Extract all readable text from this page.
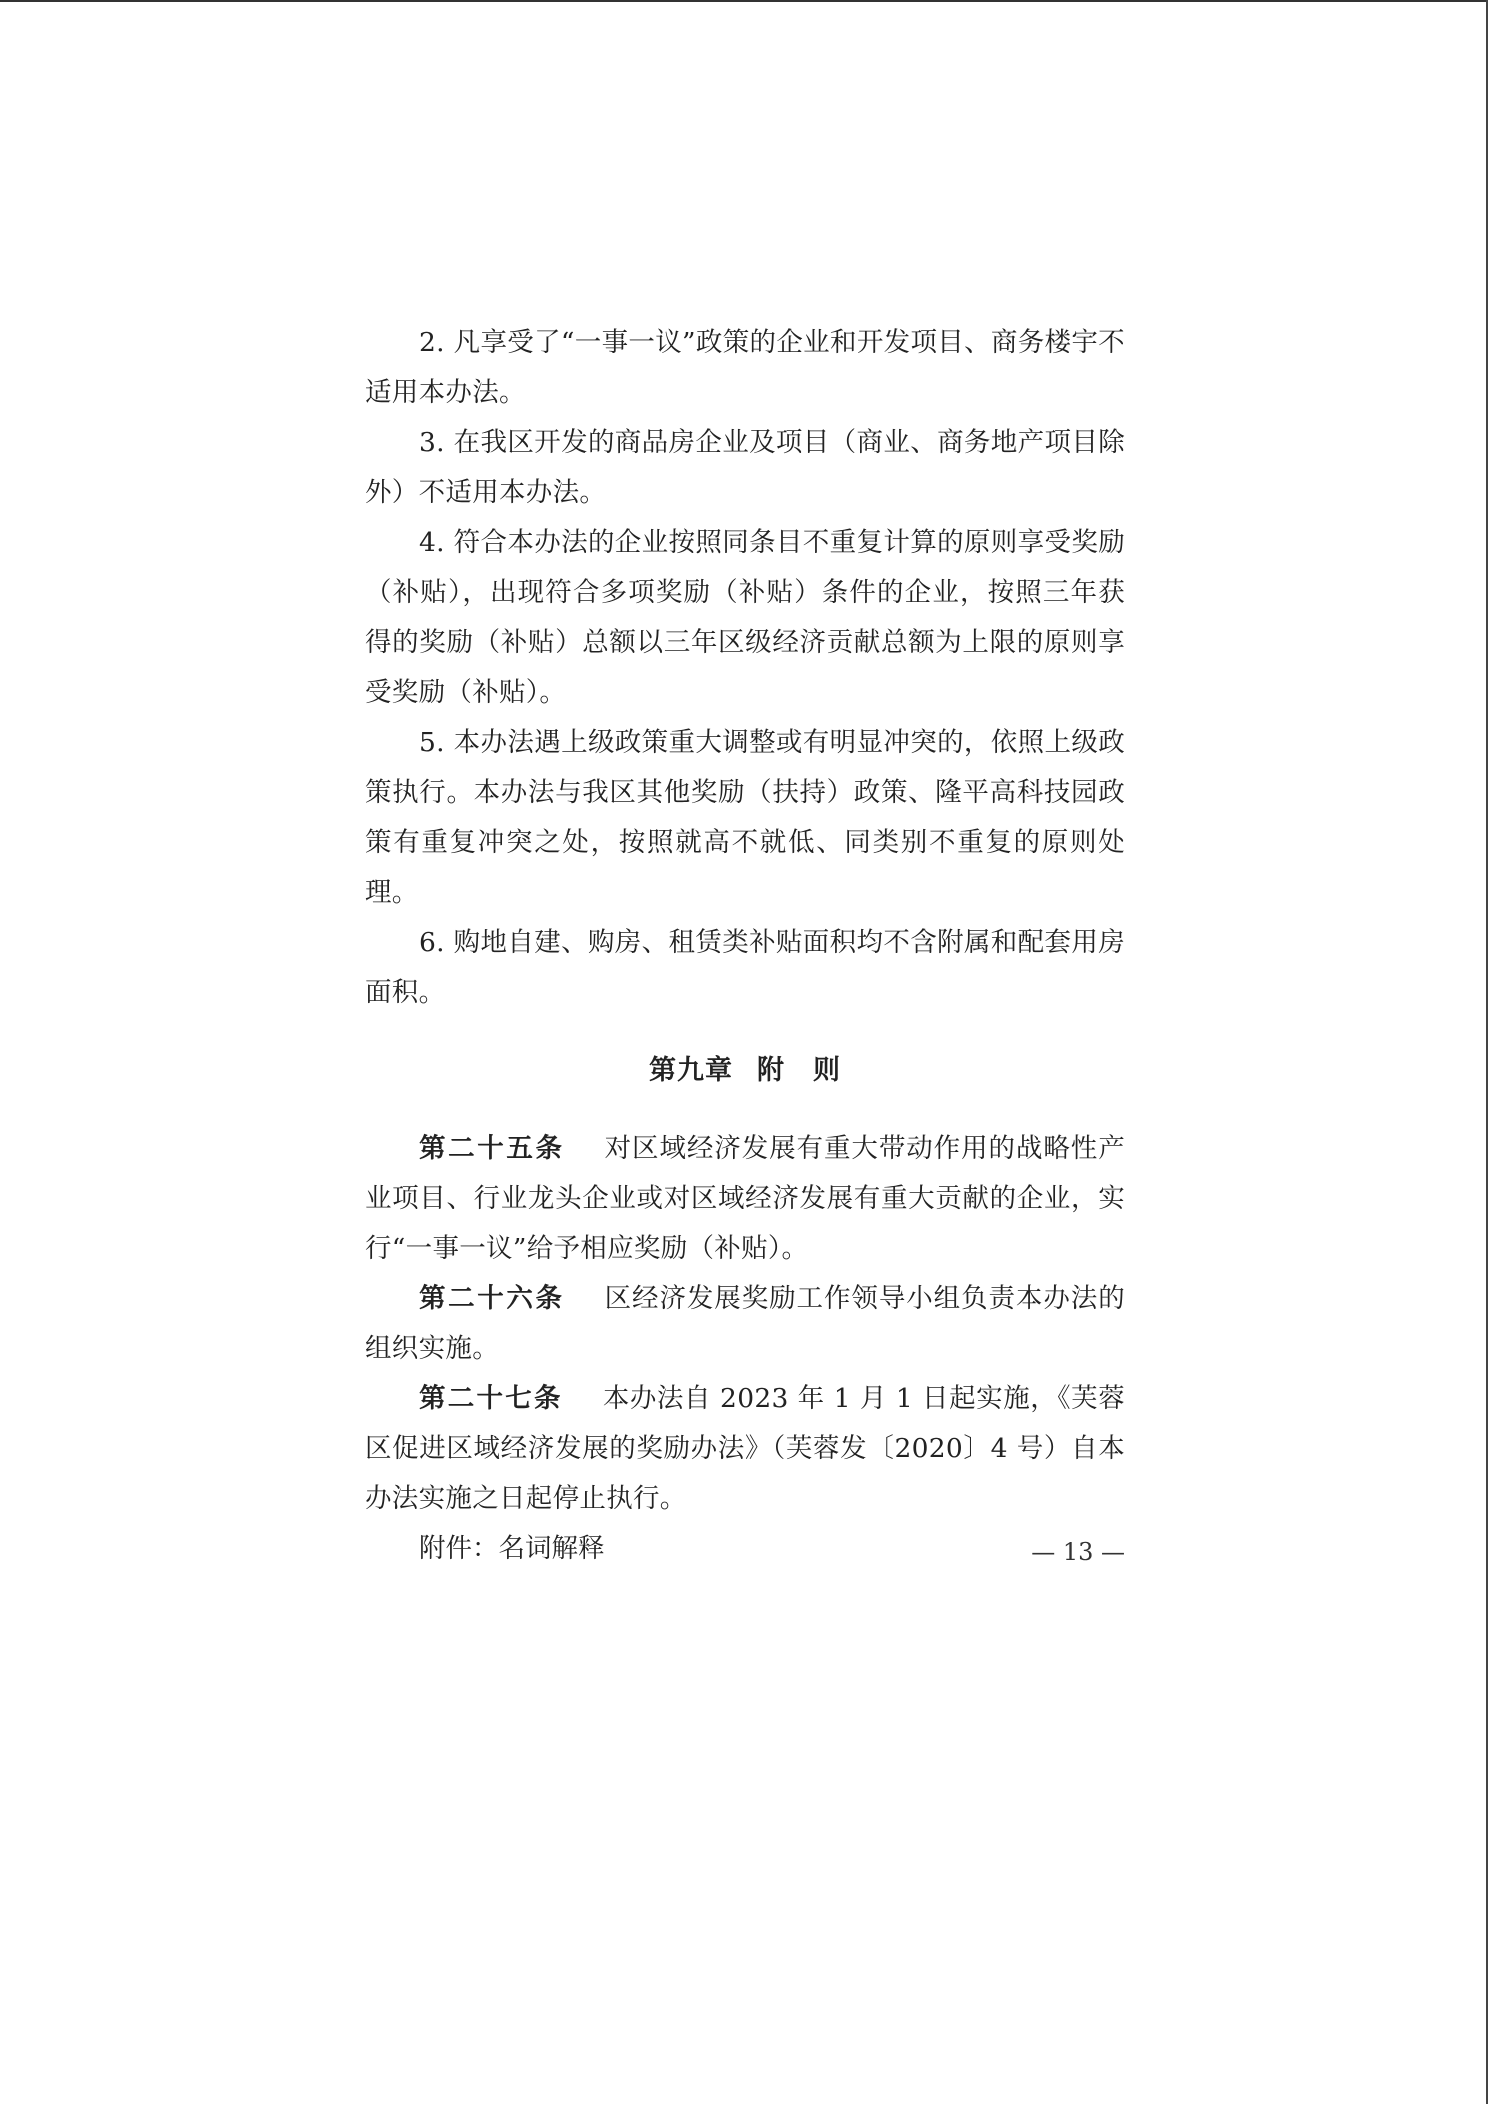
2. 凡享受了“一事一议”政策的企业和开发项目、商务楼宇不适用本办法。

3. 在我区开发的商品房企业及项目（商业、商务地产项目除外）不适用本办法。

4. 符合本办法的企业按照同条目不重复计算的原则享受奖励（补贴），出现符合多项奖励（补贴）条件的企业，按照三年获得的奖励（补贴）总额以三年区级经济贡献总额为上限的原则享受奖励（补贴）。

5. 本办法遇上级政策重大调整或有明显冲突的，依照上级政策执行。本办法与我区其他奖励（扶持）政策、隆平高科技园政策有重复冲突之处，按照就高不就低、同类别不重复的原则处理。

6. 购地自建、购房、租赁类补贴面积均不含附属和配套用房面积。

第九章 附　则

第二十五条 对区域经济发展有重大带动作用的战略性产业项目、行业龙头企业或对区域经济发展有重大贡献的企业，实行“一事一议”给予相应奖励（补贴）。

第二十六条 区经济发展奖励工作领导小组负责本办法的组织实施。

第二十七条 本办法自 2023 年 1 月 1 日起实施，《芙蓉区促进区域经济发展的奖励办法》（芙蓉发〔2020〕4 号）自本办法实施之日起停止执行。

附件：名词解释	— 13 —
